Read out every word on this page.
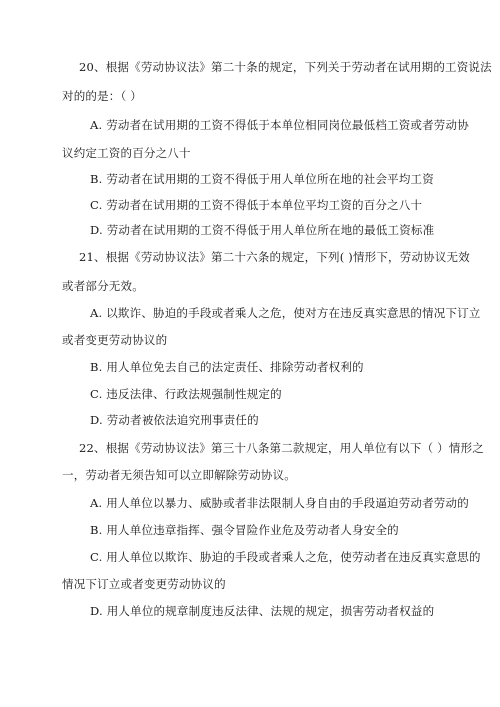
20、根据《劳动协议法》第二十条的规定，下列关于劳动者在试用期的工资说法
对的的是：（ ）
A. 劳动者在试用期的工资不得低于本单位相同岗位最低档工资或者劳动协
议约定工资的百分之八十
B. 劳动者在试用期的工资不得低于用人单位所在地的社会平均工资
C. 劳动者在试用期的工资不得低于本单位平均工资的百分之八十
D. 劳动者在试用期的工资不得低于用人单位所在地的最低工资标准
21、根据《劳动协议法》第二十六条的规定，下列( )情形下，劳动协议无效
或者部分无效。
A. 以欺诈、胁迫的手段或者乘人之危，使对方在违反真实意思的情况下订立
或者变更劳动协议的
B. 用人单位免去自己的法定责任、排除劳动者权利的
C. 违反法律、行政法规强制性规定的
D. 劳动者被依法追究刑事责任的
22、根据《劳动协议法》第三十八条第二款规定，用人单位有以下（ ）情形之
一，劳动者无须告知可以立即解除劳动协议。
A. 用人单位以暴力、威胁或者非法限制人身自由的手段逼迫劳动者劳动的
B. 用人单位违章指挥、强令冒险作业危及劳动者人身安全的
C. 用人单位以欺诈、胁迫的手段或者乘人之危，使劳动者在违反真实意思的
情况下订立或者变更劳动协议的
D. 用人单位的规章制度违反法律、法规的规定，损害劳动者权益的
